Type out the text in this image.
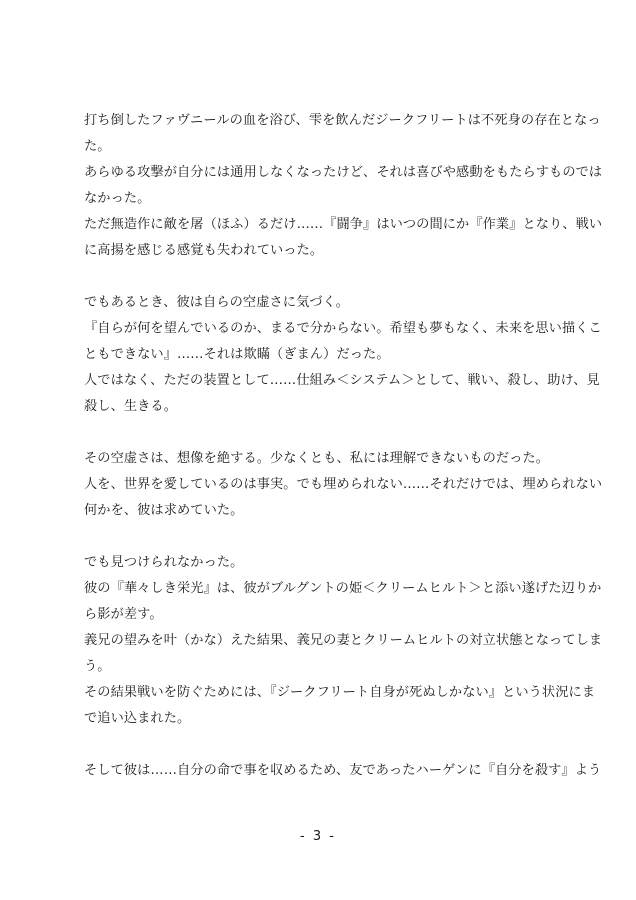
打ち倒したファヴニールの血を浴び、雫を飲んだジークフリートは不死身の存在となっ
た。
あらゆる攻撃が自分には通用しなくなったけど、それは喜びや感動をもたらすものでは
なかった。
ただ無造作に敵を屠（ほふ）るだけ……『闘争』はいつの間にか『作業』となり、戦い
に高揚を感じる感覚も失われていった。
でもあるとき、彼は自らの空虚さに気づく。
『自らが何を望んでいるのか、まるで分からない。希望も夢もなく、未来を思い描くこ
ともできない』……それは欺瞞（ぎまん）だった。
人ではなく、ただの装置として……仕組み＜システム＞として、戦い、殺し、助け、見
殺し、生きる。
その空虚さは、想像を絶する。少なくとも、私には理解できないものだった。
人を、世界を愛しているのは事実。でも埋められない……それだけでは、埋められない
何かを、彼は求めていた。
でも見つけられなかった。
彼の『華々しき栄光』は、彼がブルグントの姫＜クリームヒルト＞と添い遂げた辺りか
ら影が差す。
義兄の望みを叶（かな）えた結果、義兄の妻とクリームヒルトの対立状態となってしま
う。
その結果戦いを防ぐためには、『ジークフリート自身が死ぬしかない』という状況にま
で追い込まれた。
そして彼は……自分の命で事を収めるため、友であったハーゲンに『自分を殺す』よう
- 3 -
